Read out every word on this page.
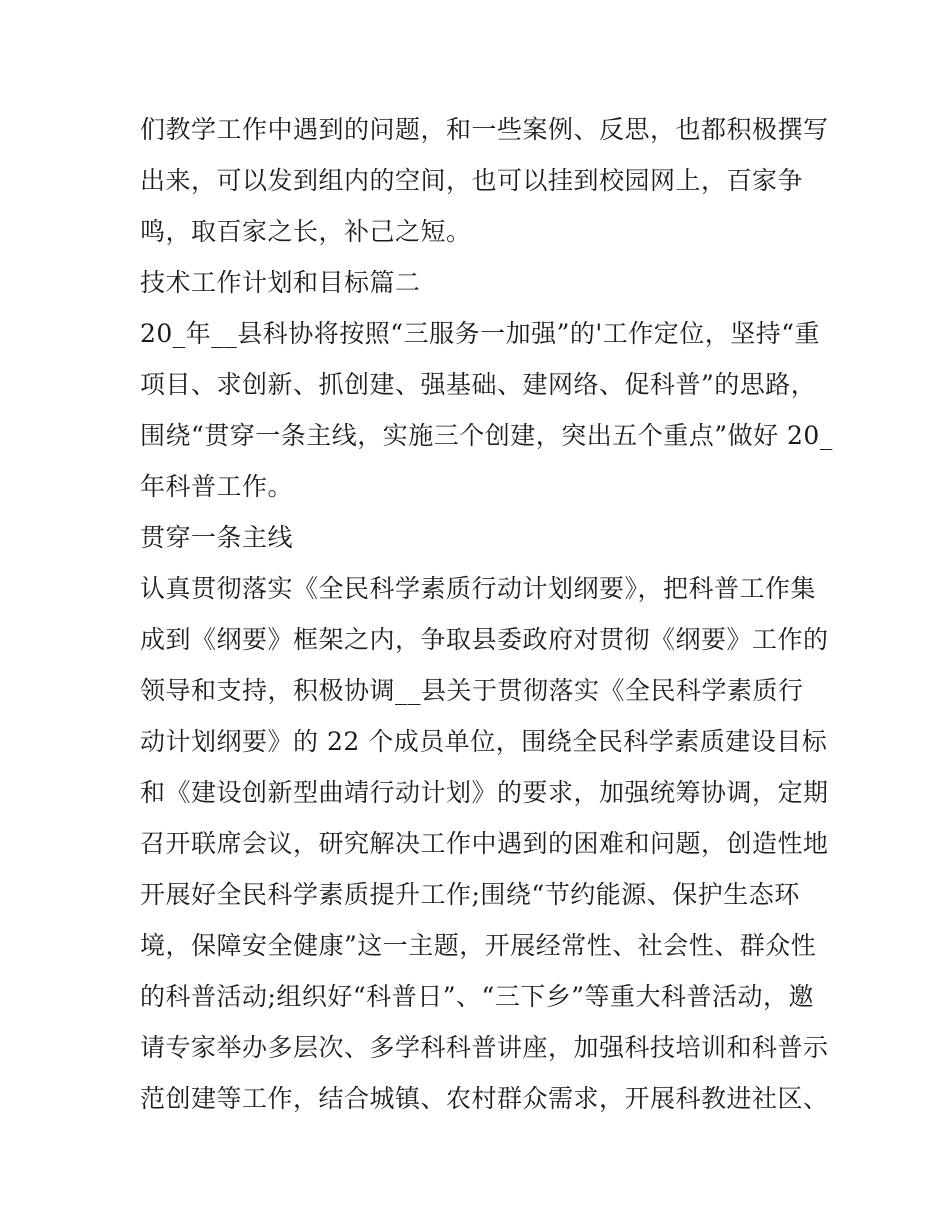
们教学工作中遇到的问题，和一些案例、反思，也都积极撰写
出来，可以发到组内的空间，也可以挂到校园网上，百家争
鸣，取百家之长，补己之短。
技术工作计划和目标篇二
20_年__县科协将按照“三服务一加强”的'工作定位，坚持“重
项目、求创新、抓创建、强基础、建网络、促科普”的思路，
围绕“贯穿一条主线，实施三个创建，突出五个重点”做好 20_
年科普工作。
贯穿一条主线
认真贯彻落实《全民科学素质行动计划纲要》，把科普工作集
成到《纲要》框架之内，争取县委政府对贯彻《纲要》工作的
领导和支持，积极协调__县关于贯彻落实《全民科学素质行
动计划纲要》的 22 个成员单位，围绕全民科学素质建设目标
和《建设创新型曲靖行动计划》的要求，加强统筹协调，定期
召开联席会议，研究解决工作中遇到的困难和问题，创造性地
开展好全民科学素质提升工作;围绕“节约能源、保护生态环
境，保障安全健康”这一主题，开展经常性、社会性、群众性
的科普活动;组织好“科普日”、“三下乡”等重大科普活动，邀
请专家举办多层次、多学科科普讲座，加强科技培训和科普示
范创建等工作，结合城镇、农村群众需求，开展科教进社区、
